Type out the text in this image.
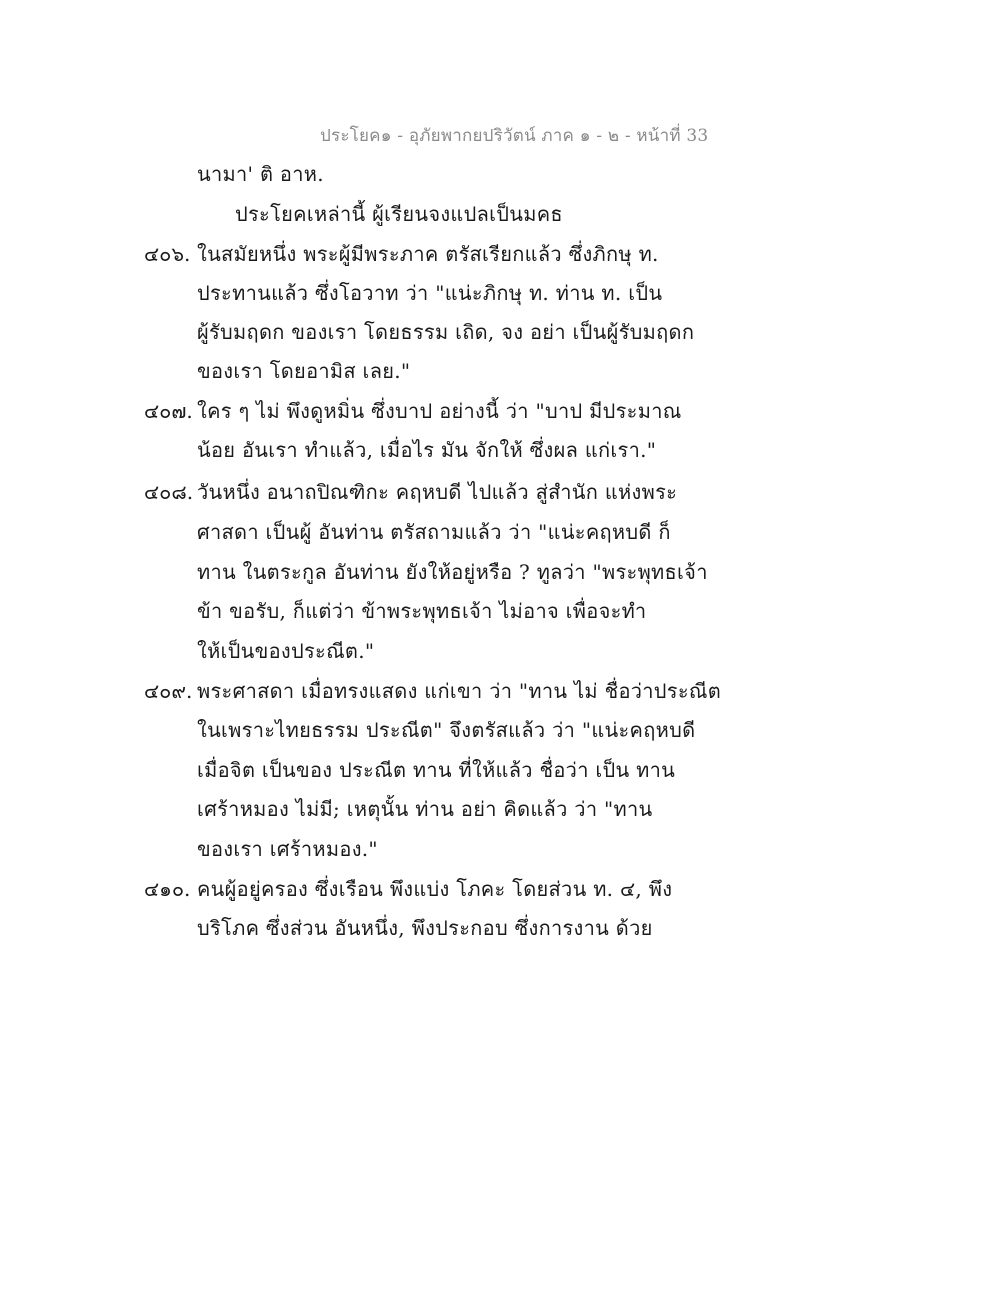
ประโยค๑ - อุภัยพากยปริวัตน์ ภาค ๑ - ๒ - หน้าที่ 33
นามา' ติ อาห.
ประโยคเหล่านี้ ผู้เรียนจงแปลเป็นมคธ
๔๐๖. ในสมัยหนึ่ง พระผู้มีพระภาค ตรัสเรียกแล้ว ซึ่งภิกษุ ท.
ประทานแล้ว ซึ่งโอวาท ว่า "แน่ะภิกษุ ท. ท่าน ท. เป็น
ผู้รับมฤดก ของเรา โดยธรรม เถิด, จง อย่า เป็นผู้รับมฤดก
ของเรา โดยอามิส เลย."
๔๐๗. ใคร ๆ ไม่ พึงดูหมิ่น ซึ่งบาป อย่างนี้ ว่า "บาป มีประมาณ
น้อย อันเรา ทำแล้ว, เมื่อไร มัน จักให้ ซึ่งผล แก่เรา."
๔๐๘. วันหนึ่ง อนาถปิณฑิกะ คฤหบดี ไปแล้ว สู่สำนัก แห่งพระ
ศาสดา เป็นผู้ อันท่าน ตรัสถามแล้ว ว่า "แน่ะคฤหบดี ก็
ทาน ในตระกูล อันท่าน ยังให้อยู่หรือ ? ทูลว่า "พระพุทธเจ้า
ข้า ขอรับ, ก็แต่ว่า ข้าพระพุทธเจ้า ไม่อาจ เพื่อจะทำ
ให้เป็นของประณีต."
๔๐๙. พระศาสดา เมื่อทรงแสดง แก่เขา ว่า "ทาน ไม่ ชื่อว่าประณีต
ในเพราะไทยธรรม ประณีต" จึงตรัสแล้ว ว่า "แน่ะคฤหบดี
เมื่อจิต เป็นของ ประณีต ทาน ที่ให้แล้ว ชื่อว่า เป็น ทาน
เศร้าหมอง ไม่มี; เหตุนั้น ท่าน อย่า คิดแล้ว ว่า "ทาน
ของเรา เศร้าหมอง."
๔๑๐. คนผู้อยู่ครอง ซึ่งเรือน พึงแบ่ง โภคะ โดยส่วน ท. ๔, พึง
บริโภค ซึ่งส่วน อันหนึ่ง, พึงประกอบ ซึ่งการงาน ด้วย
